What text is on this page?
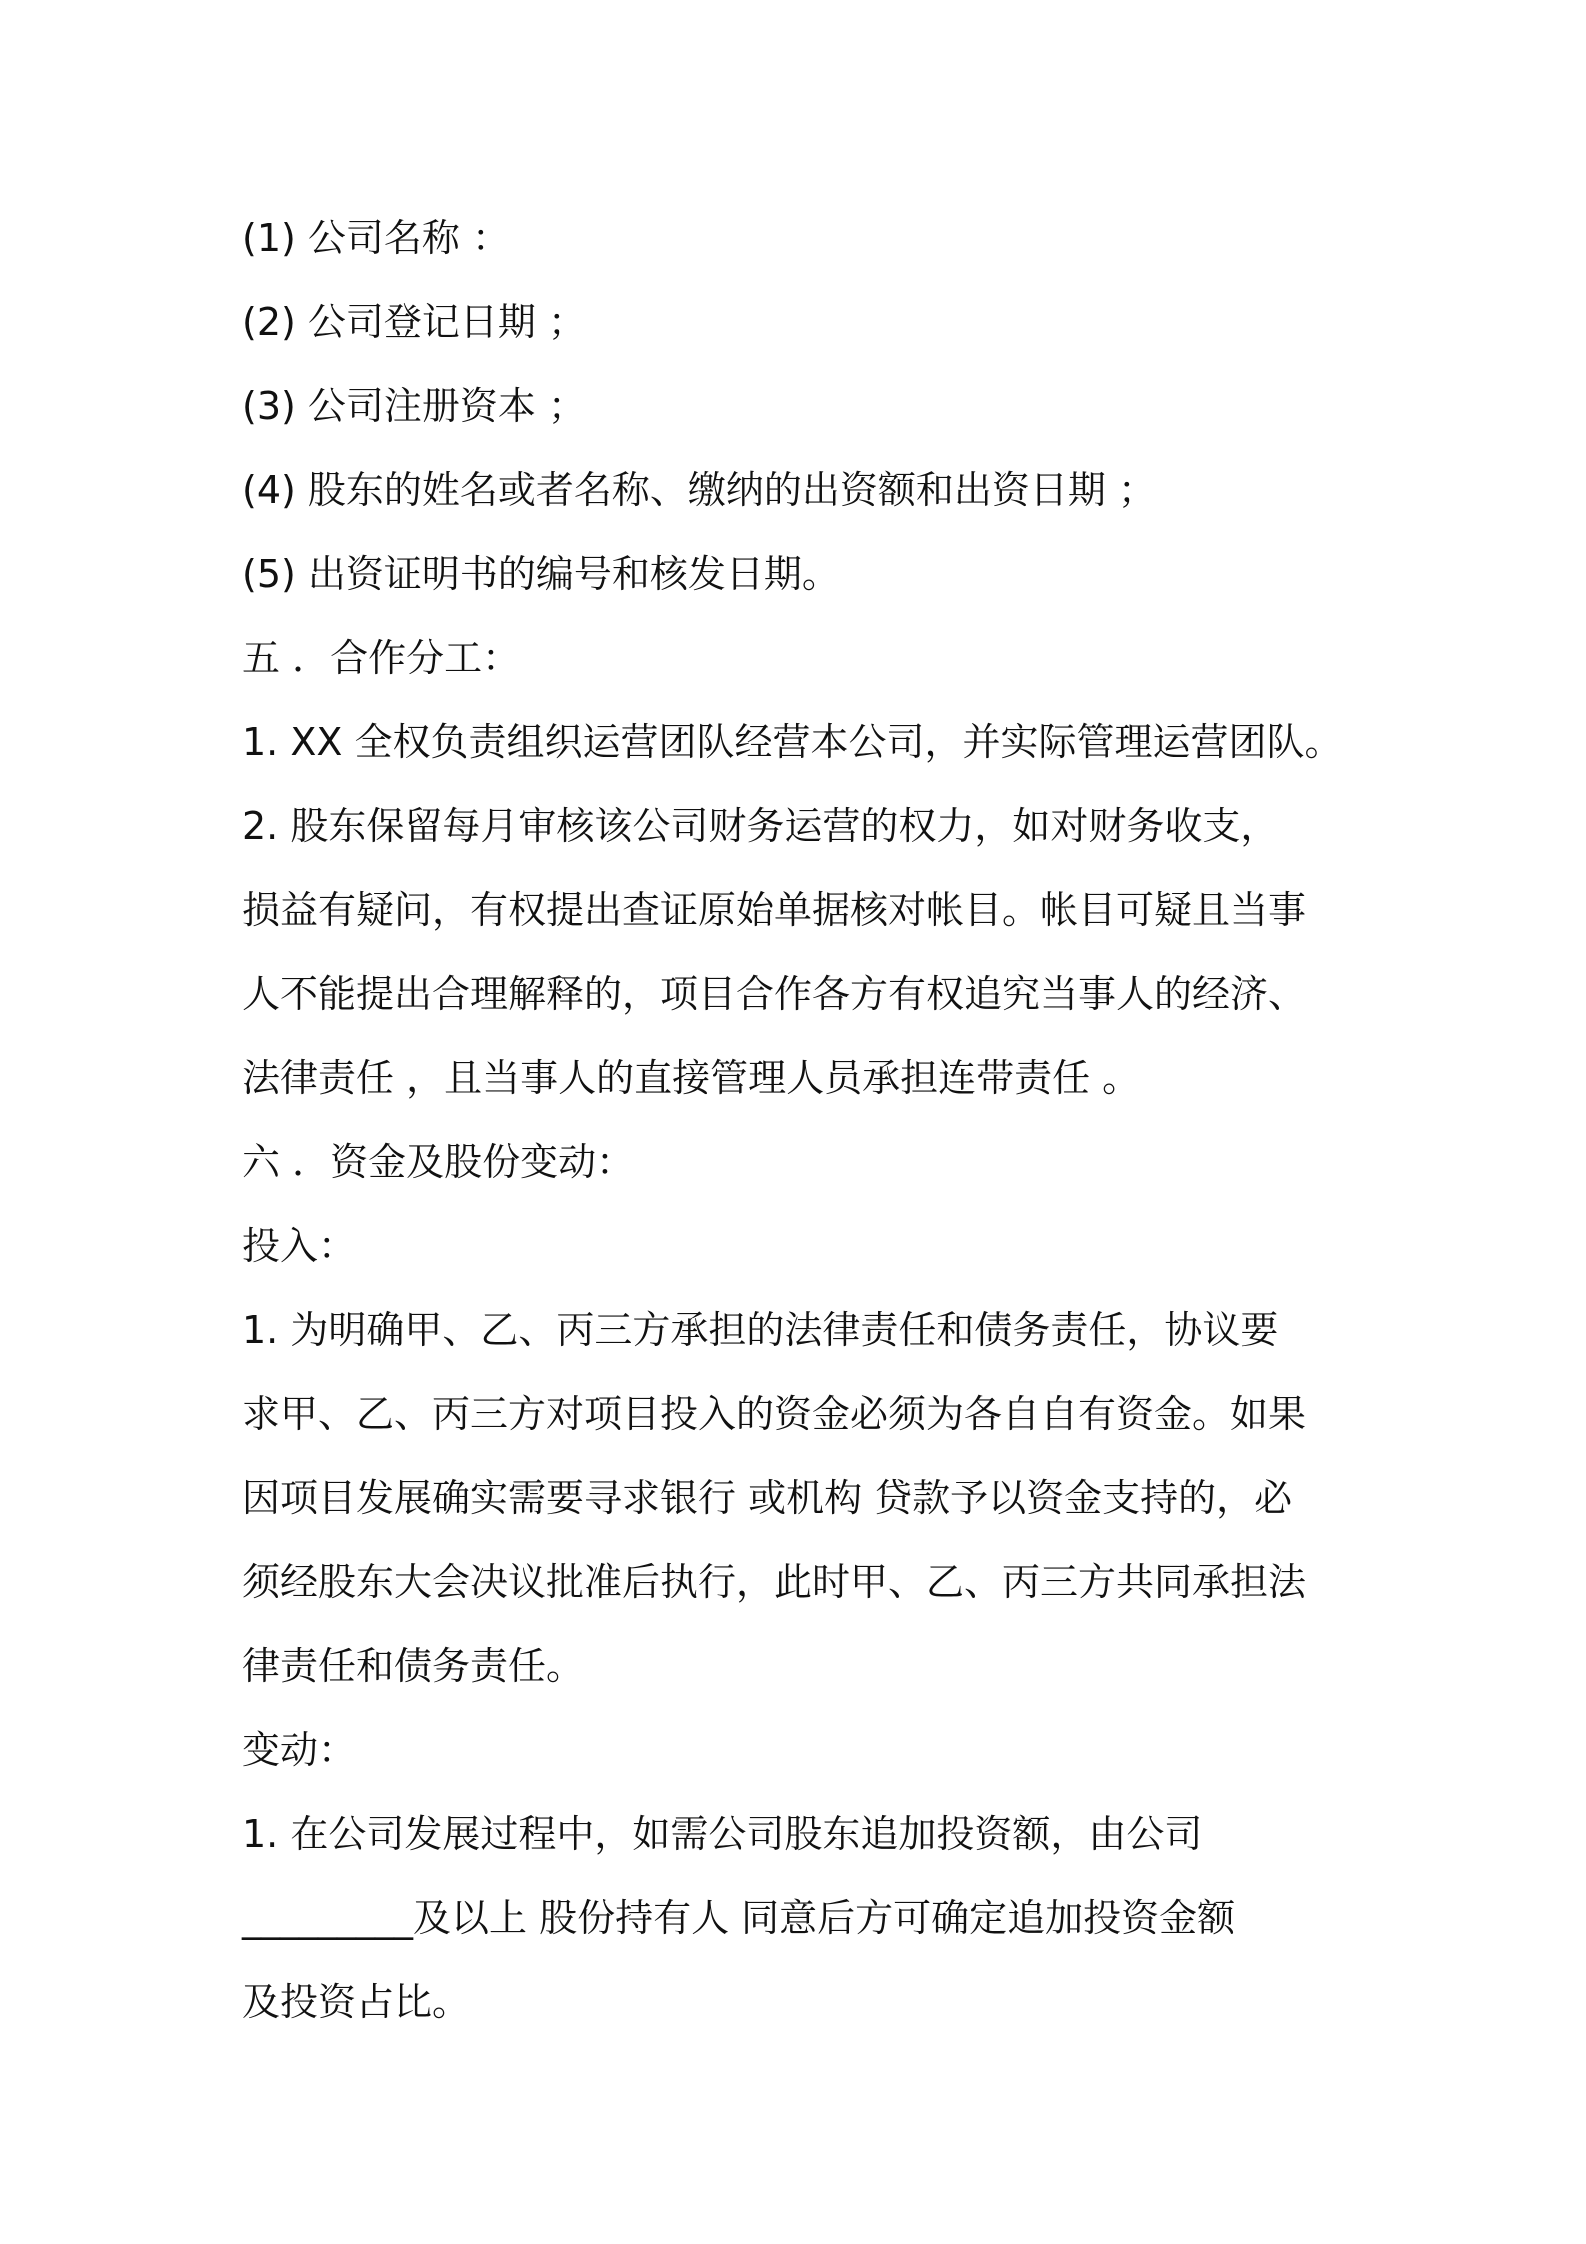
(1) 公司名称 ：
(2) 公司登记日期 ；
(3) 公司注册资本 ；
(4) 股东的姓名或者名称、缴纳的出资额和出资日期 ；
(5) 出资证明书的编号和核发日期。
五 ．合作分工：
1. XX 全权负责组织运营团队经营本公司，并实际管理运营团队。
2. 股东保留每月审核该公司财务运营的权力，如对财务收支，
损益有疑问，有权提出查证原始单据核对帐目。帐目可疑且当事
人不能提出合理解释的，项目合作各方有权追究当事人的经济、
法律责任 ，且当事人的直接管理人员承担连带责任 。
六 ．资金及股份变动：
投入：
1. 为明确甲、乙、丙三方承担的法律责任和债务责任，协议要
求甲、乙、丙三方对项目投入的资金必须为各自自有资金。如果
因项目发展确实需要寻求银行 或机构 贷款予以资金支持的，必
须经股东大会决议批准后执行，此时甲、乙、丙三方共同承担法
律责任和债务责任。
变动：
1. 在公司发展过程中，如需公司股东追加投资额，由公司
_________及以上 股份持有人 同意后方可确定追加投资金额
及投资占比。
